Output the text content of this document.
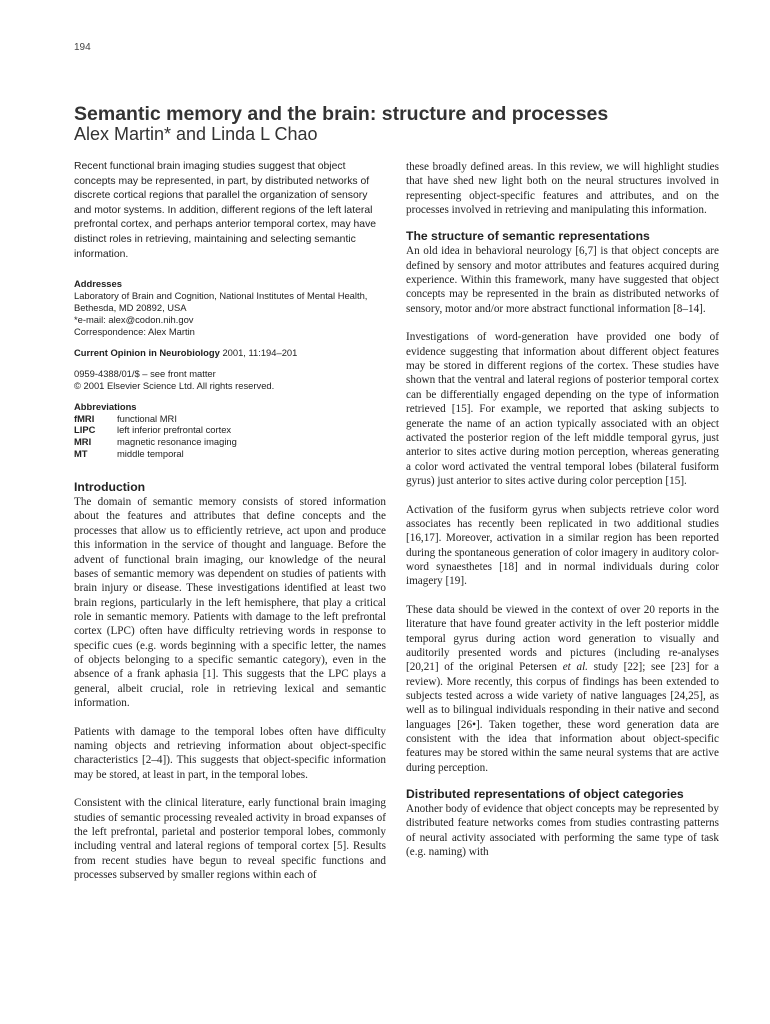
194
Semantic memory and the brain: structure and processes
Alex Martin* and Linda L Chao

Recent functional brain imaging studies suggest that object concepts may be represented, in part, by distributed networks of discrete cortical regions that parallel the organization of sensory and motor systems. In addition, different regions of the left lateral prefrontal cortex, and perhaps anterior temporal cortex, may have distinct roles in retrieving, maintaining and selecting semantic information.

Addresses

Laboratory of Brain and Cognition, National Institutes of Mental Health,

Bethesda, MD 20892, USA

*e-mail: alex@codon.nih.gov

Correspondence: Alex Martin

Current Opinion in Neurobiology 2001, 11:194–201

0959-4388/01/$ – see front matter

© 2001 Elsevier Science Ltd. All rights reserved.

Abbreviations

fMRI	functional MRI
LIPC	left inferior prefrontal cortex
MRI	magnetic resonance imaging
MT	middle temporal

Introduction

The domain of semantic memory consists of stored information about the features and attributes that define concepts and the processes that allow us to efficiently retrieve, act upon and produce this information in the service of thought and language. Before the advent of functional brain imaging, our knowledge of the neural bases of semantic memory was dependent on studies of patients with brain injury or disease. These investigations identified at least two brain regions, particularly in the left hemisphere, that play a critical role in semantic memory. Patients with damage to the left prefrontal cortex (LPC) often have difficulty retrieving words in response to specific cues (e.g. words beginning with a specific letter, the names of objects belonging to a specific semantic category), even in the absence of a frank aphasia [1]. This suggests that the LPC plays a general, albeit crucial, role in retrieving lexical and semantic information.

Patients with damage to the temporal lobes often have difficulty naming objects and retrieving information about object-specific characteristics [2–4]). This suggests that object-specific information may be stored, at least in part, in the temporal lobes.

Consistent with the clinical literature, early functional brain imaging studies of semantic processing revealed activity in broad expanses of the left prefrontal, parietal and posterior temporal lobes, commonly including ventral and lateral regions of temporal cortex [5]. Results from recent studies have begun to reveal specific functions and processes subserved by smaller regions within each of

these broadly defined areas. In this review, we will highlight studies that have shed new light both on the neural structures involved in representing object-specific features and attributes, and on the processes involved in retrieving and manipulating this information.

The structure of semantic representations

An old idea in behavioral neurology [6,7] is that object concepts are defined by sensory and motor attributes and features acquired during experience. Within this framework, many have suggested that object concepts may be represented in the brain as distributed networks of sensory, motor and/or more abstract functional information [8–14].

Investigations of word-generation have provided one body of evidence suggesting that information about different object features may be stored in different regions of the cortex. These studies have shown that the ventral and lateral regions of posterior temporal cortex can be differentially engaged depending on the type of information retrieved [15]. For example, we reported that asking subjects to generate the name of an action typically associated with an object activated the posterior region of the left middle temporal gyrus, just anterior to sites active during motion perception, whereas generating a color word activated the ventral temporal lobes (bilateral fusiform gyrus) just anterior to sites active during color perception [15].

Activation of the fusiform gyrus when subjects retrieve color word associates has recently been replicated in two additional studies [16,17]. Moreover, activation in a similar region has been reported during the spontaneous generation of color imagery in auditory color-word synaesthetes [18] and in normal individuals during color imagery [19].

These data should be viewed in the context of over 20 reports in the literature that have found greater activity in the left posterior middle temporal gyrus during action word generation to visually and auditorily presented words and pictures (including re-analyses [20,21] of the original Petersen et al. study [22]; see [23] for a review). More recently, this corpus of findings has been extended to subjects tested across a wide variety of native languages [24,25], as well as to bilingual individuals responding in their native and second languages [26•]. Taken together, these word generation data are consistent with the idea that information about object-specific features may be stored within the same neural systems that are active during perception.

Distributed representations of object categories

Another body of evidence that object concepts may be represented by distributed feature networks comes from studies contrasting patterns of neural activity associated with performing the same type of task (e.g. naming) with
